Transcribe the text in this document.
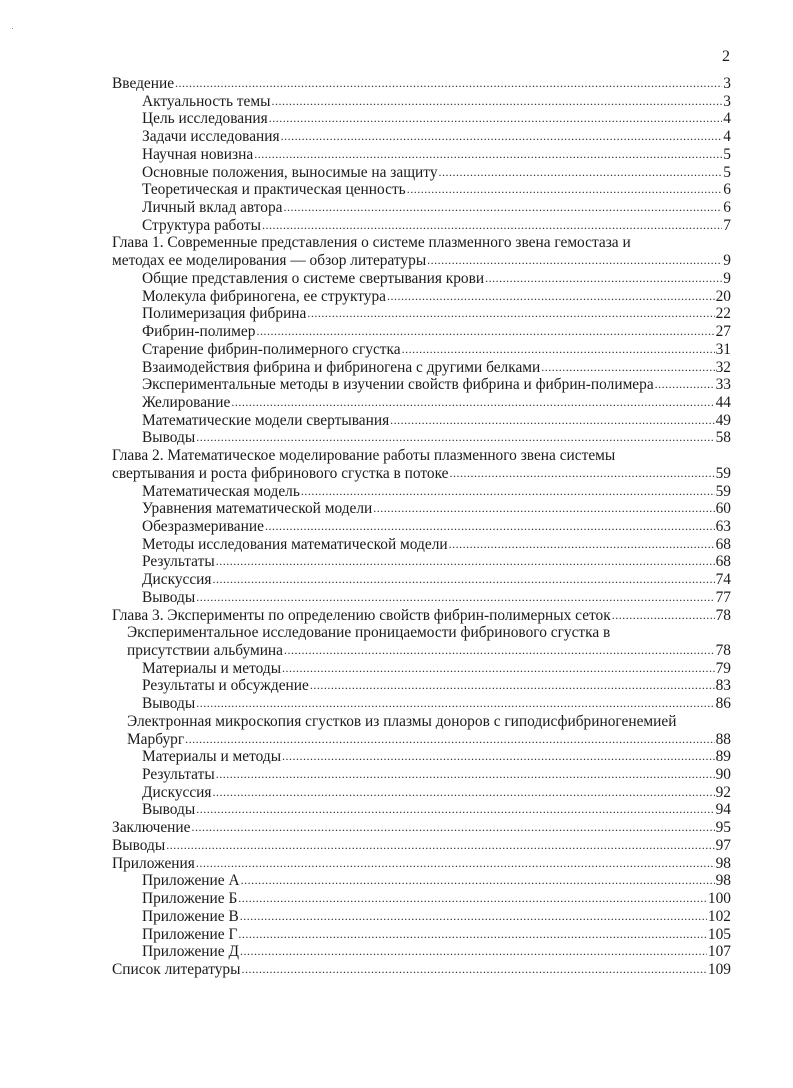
2
Введение .....	3
Актуальность темы .....	3
Цель исследования .....	4
Задачи исследования .....	4
Научная новизна .....	5
Основные положения, выносимые на защиту .....	5
Теоретическая и практическая ценность .....	6
Личный вклад автора .....	6
Структура работы .....	7
Глава 1. Современные представления о системе плазменного звена гемостаза и
методах ее моделирования — обзор литературы .....	9
Общие представления о системе свертывания крови .....	9
Молекула фибриногена, ее структура .....	20
Полимеризация фибрина .....	22
Фибрин-полимер .....	27
Старение фибрин-полимерного сгустка .....	31
Взаимодействия фибрина и фибриногена с другими белками .....	32
Экспериментальные методы в изучении свойств фибрина и фибрин-полимера .....	33
Желирование .....	44
Математические модели свертывания .....	49
Выводы .....	58
Глава 2. Математическое моделирование работы плазменного звена системы
свертывания и роста фибринового сгустка в потоке .....	59
Математическая модель .....	59
Уравнения математической модели .....	60
Обезразмеривание .....	63
Методы исследования математической модели .....	68
Результаты .....	68
Дискуссия .....	74
Выводы .....	77
Глава 3. Эксперименты по определению свойств фибрин-полимерных сеток .....	78
Экспериментальное исследование проницаемости фибринового сгустка в
присутствии альбумина .....	78
Материалы и методы .....	79
Результаты и обсуждение .....	83
Выводы .....	86
Электронная микроскопия сгустков из плазмы доноров с гиподисфибриногенемией
Марбург .....	88
Материалы и методы .....	89
Результаты .....	90
Дискуссия .....	92
Выводы .....	94
Заключение .....	95
Выводы .....	97
Приложения .....	98
Приложение А .....	98
Приложение Б .....	100
Приложение В .....	102
Приложение Г .....	105
Приложение Д .....	107
Список литературы .....	109
